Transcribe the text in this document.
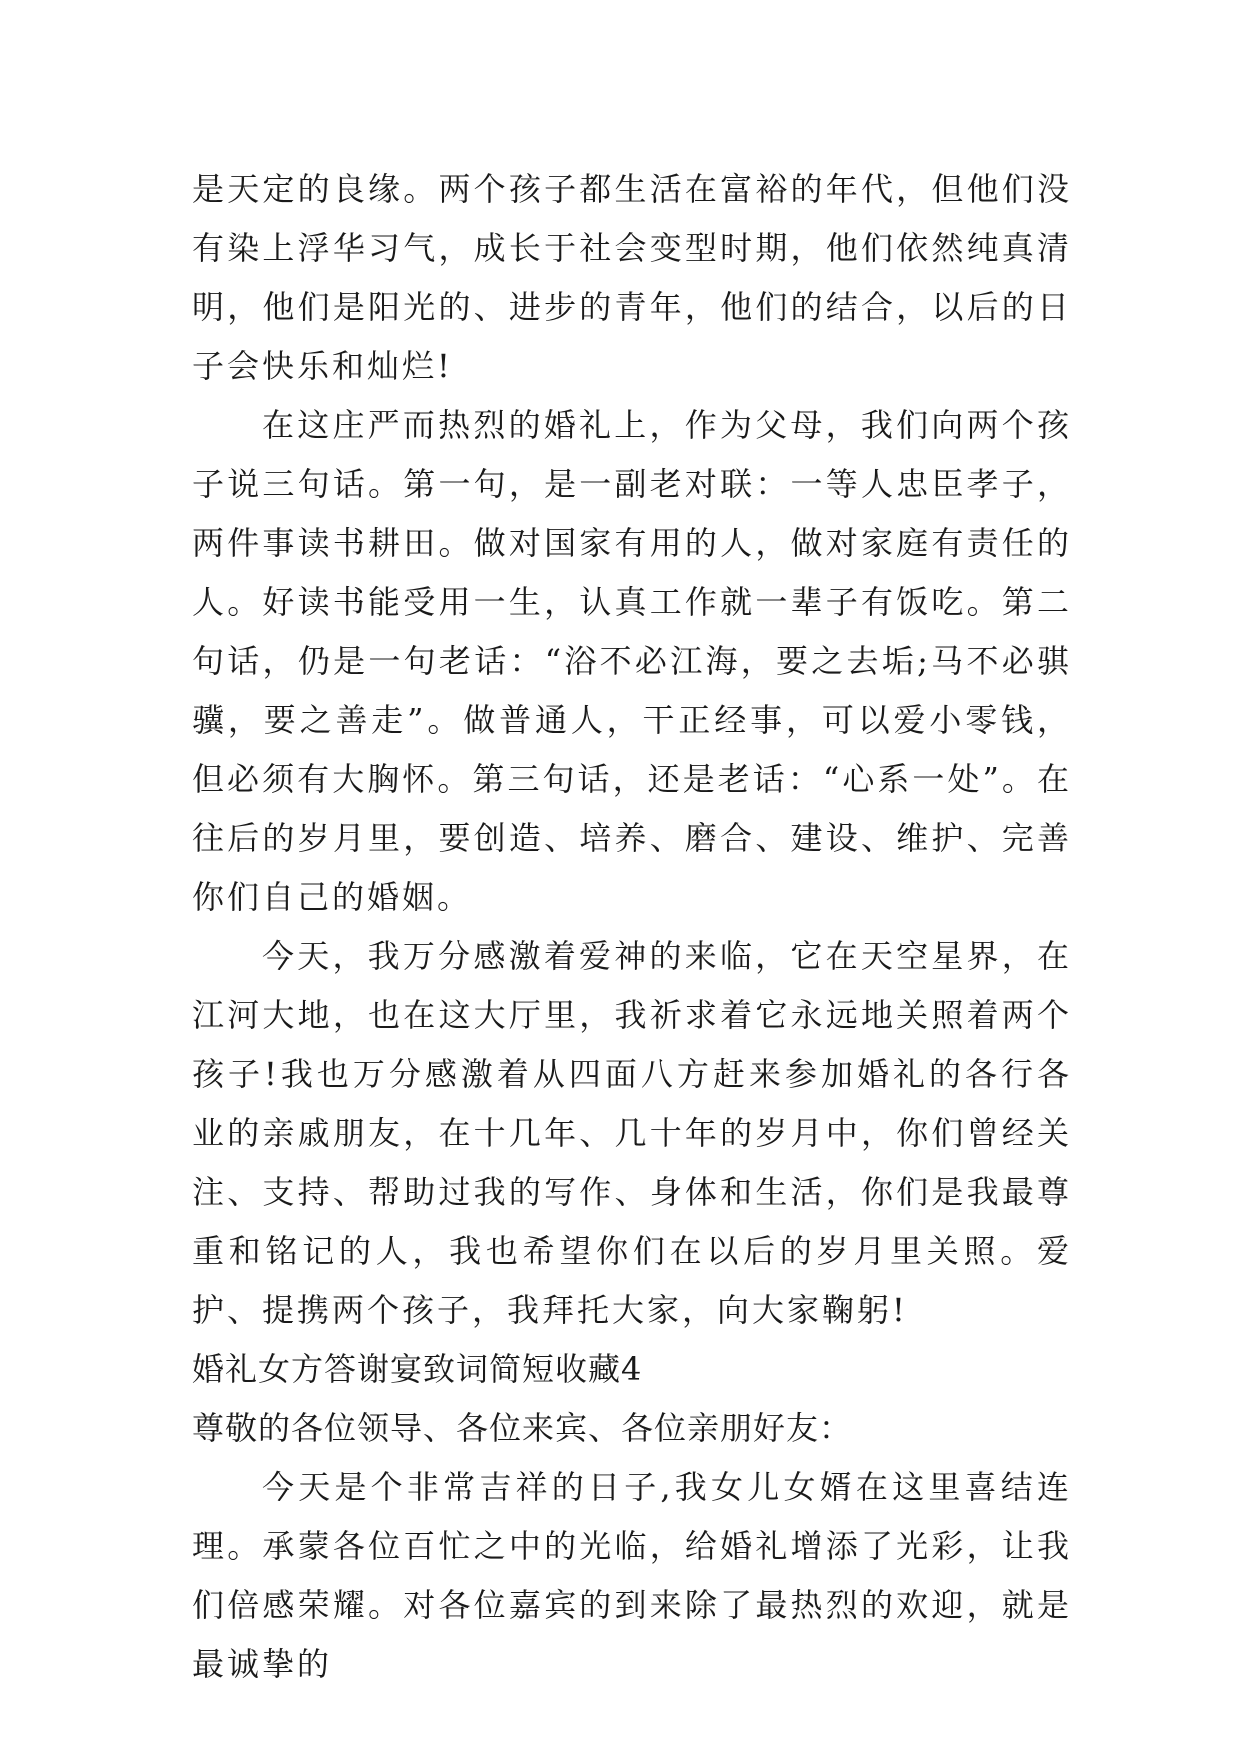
是天定的良缘。两个孩子都生活在富裕的年代，但他们没有染上浮华习气，成长于社会变型时期，他们依然纯真清明，他们是阳光的、进步的青年，他们的结合，以后的日子会快乐和灿烂!

在这庄严而热烈的婚礼上，作为父母，我们向两个孩子说三句话。第一句，是一副老对联：一等人忠臣孝子，两件事读书耕田。做对国家有用的人，做对家庭有责任的人。好读书能受用一生，认真工作就一辈子有饭吃。第二句话，仍是一句老话：“浴不必江海，要之去垢;马不必骐骥，要之善走”。做普通人，干正经事，可以爱小零钱，但必须有大胸怀。第三句话，还是老话：“心系一处”。在往后的岁月里，要创造、培养、磨合、建设、维护、完善你们自己的婚姻。

今天，我万分感激着爱神的来临，它在天空星界，在江河大地，也在这大厅里，我祈求着它永远地关照着两个孩子!我也万分感激着从四面八方赶来参加婚礼的各行各业的亲戚朋友，在十几年、几十年的岁月中，你们曾经关注、支持、帮助过我的写作、身体和生活，你们是我最尊重和铭记的人，我也希望你们在以后的岁月里关照。爱护、提携两个孩子，我拜托大家，向大家鞠躬!

婚礼女方答谢宴致词简短收藏4

尊敬的各位领导、各位来宾、各位亲朋好友：

今天是个非常吉祥的日子,我女儿女婿在这里喜结连理。承蒙各位百忙之中的光临，给婚礼增添了光彩，让我们倍感荣耀。对各位嘉宾的到来除了最热烈的欢迎，就是最诚挚的
